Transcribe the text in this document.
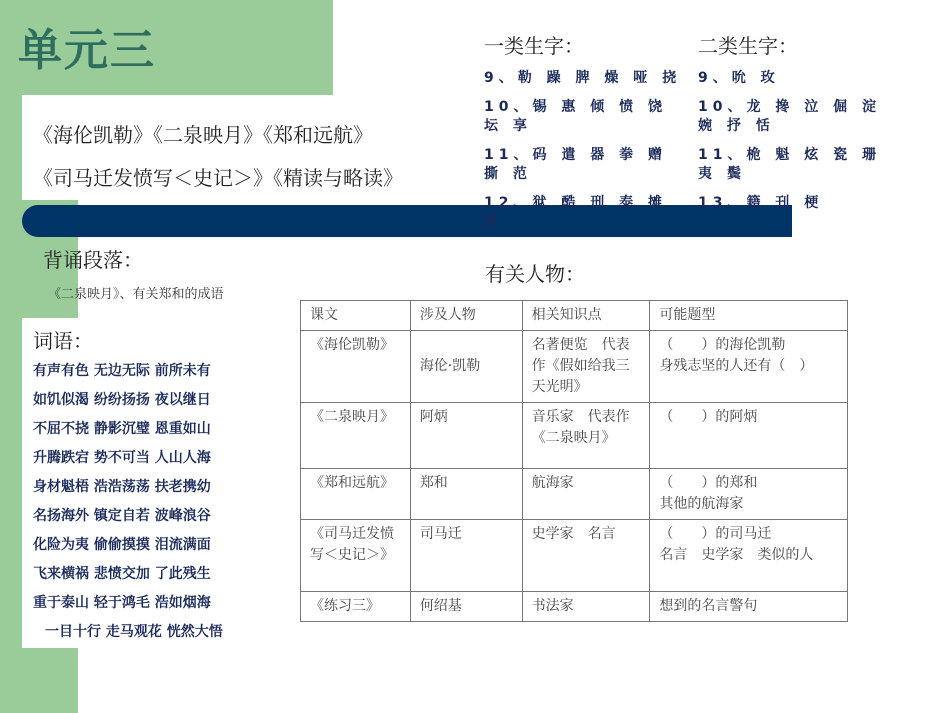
单元三
《海伦凯勒》《二泉映月》《郑和远航》
《司马迁发愤写＜史记＞》《精读与略读》
一类生字：
9、勒 躁 脾 燥 哑 挠
10、锡 惠 倾 愤 饶 坛 享
11、码 遣 器 拳 赠 撕 范
12、狱 酷 刑 泰 摊 肃
二类生字：
9、吮 玫
10、龙 搀 泣 倔 淀 婉 抒 恬
11、桅 魁 炫 瓷 珊 夷 鬓
13、籍 刊 梗
背诵段落：
《二泉映月》、有关郑和的成语
词语：
有声有色 无边无际 前所未有
如饥似渴 纷纷扬扬 夜以继日
不屈不挠 静影沉璧 恩重如山
升腾跌宕 势不可当 人山人海
身材魁梧 浩浩荡荡 扶老携幼
名扬海外 镇定自若 波峰浪谷
化险为夷 偷偷摸摸 泪流满面
飞来横祸 悲愤交加 了此残生
重于泰山 轻于鸿毛 浩如烟海
一目十行 走马观花 恍然大悟
有关人物：
课文	涉及人物	相关知识点	可能题型
《海伦凯勒》	海伦·凯勒	名著便览　代表作《假如给我三天光明》	（　　）的海伦凯勒
身残志坚的人还有（　）
《二泉映月》	阿炳	音乐家　代表作 《二泉映月》	（　　）的阿炳
《郑和远航》	郑和	航海家	（　　）的郑和
其他的航海家
《司马迁发愤写＜史记＞》	司马迁	史学家　名言	（　　）的司马迁
名言　史学家　类似的人
《练习三》	何绍基	书法家	想到的名言警句
